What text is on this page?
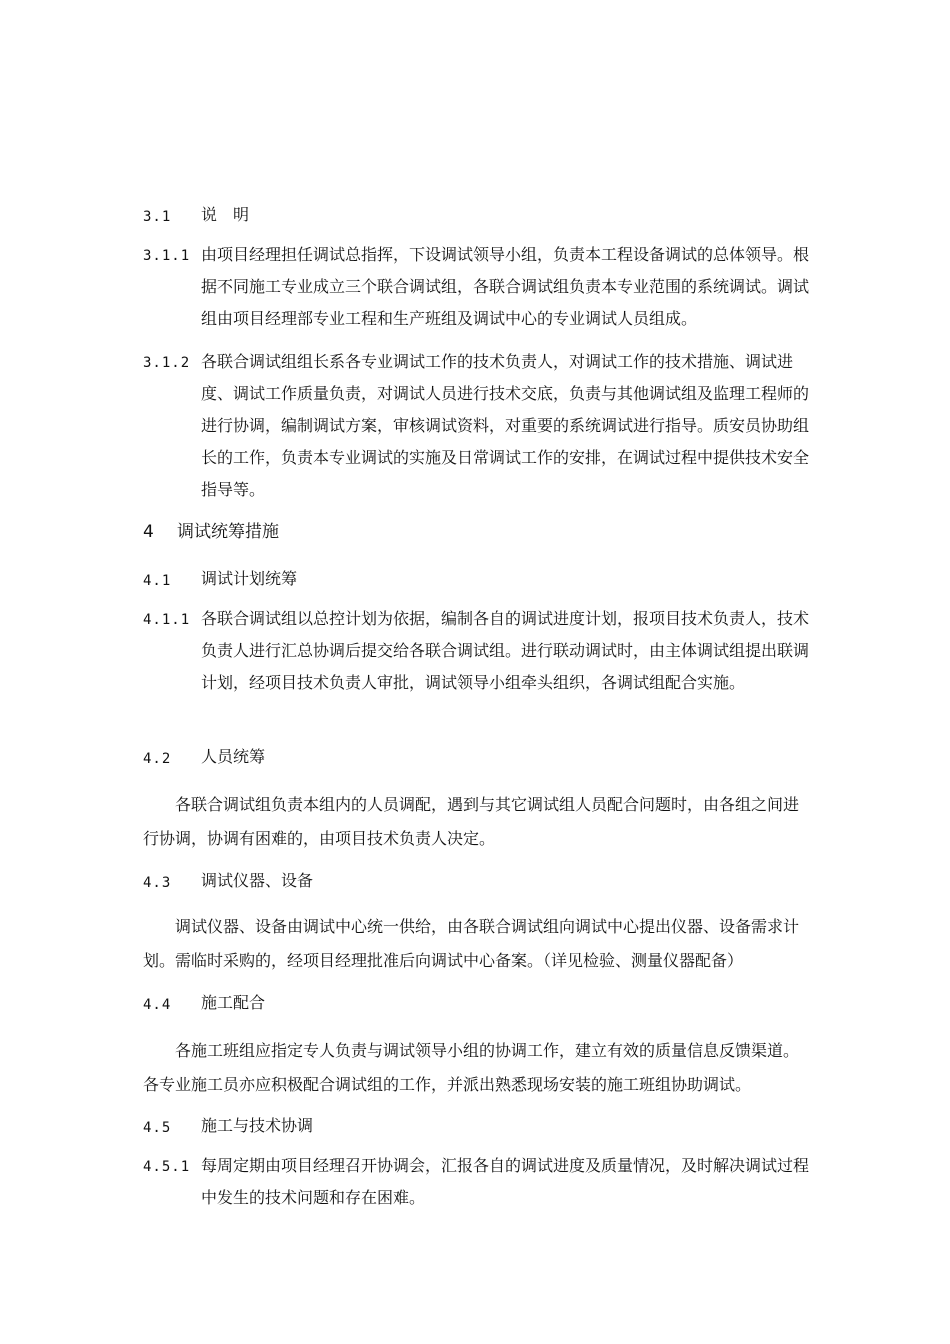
3.1	说　明
3.1.1 由项目经理担任调试总指挥，下设调试领导小组，负责本工程设备调试的总体领导。根据不同施工专业成立三个联合调试组，各联合调试组负责本专业范围的系统调试。调试组由项目经理部专业工程和生产班组及调试中心的专业调试人员组成。
3.1.2 各联合调试组组长系各专业调试工作的技术负责人，对调试工作的技术措施、调试进度、调试工作质量负责，对调试人员进行技术交底，负责与其他调试组及监理工程师的进行协调，编制调试方案，审核调试资料，对重要的系统调试进行指导。质安员协助组长的工作，负责本专业调试的实施及日常调试工作的安排，在调试过程中提供技术安全指导等。
4	调试统筹措施
4.1	调试计划统筹
4.1.1 各联合调试组以总控计划为依据，编制各自的调试进度计划，报项目技术负责人，技术负责人进行汇总协调后提交给各联合调试组。进行联动调试时，由主体调试组提出联调计划，经项目技术负责人审批，调试领导小组牵头组织，各调试组配合实施。
4.2	人员统筹
各联合调试组负责本组内的人员调配，遇到与其它调试组人员配合问题时，由各组之间进行协调，协调有困难的，由项目技术负责人决定。
4.3	调试仪器、设备
调试仪器、设备由调试中心统一供给，由各联合调试组向调试中心提出仪器、设备需求计划。需临时采购的，经项目经理批准后向调试中心备案。（详见检验、测量仪器配备）
4.4	施工配合
各施工班组应指定专人负责与调试领导小组的协调工作，建立有效的质量信息反馈渠道。各专业施工员亦应积极配合调试组的工作，并派出熟悉现场安装的施工班组协助调试。
4.5	施工与技术协调
4.5.1 每周定期由项目经理召开协调会，汇报各自的调试进度及质量情况，及时解决调试过程中发生的技术问题和存在困难。
